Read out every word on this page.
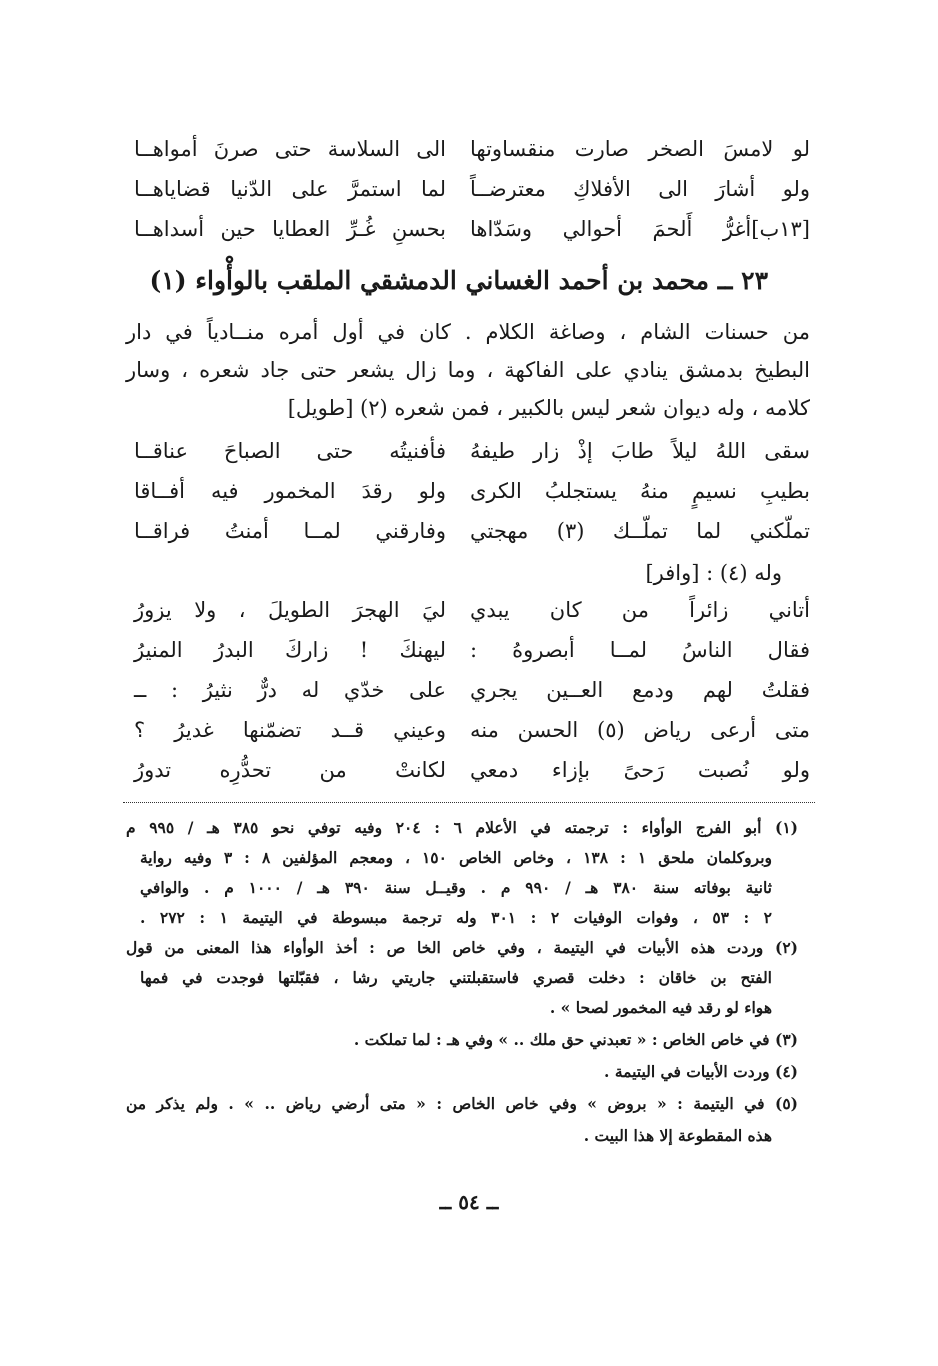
لو لامسَ الصخر صارت منقساوتها
الى السلاسة حتى صرنَ أمواهــا
ولو أشارَ الى الأفلاكِ معترضــاً
لما استمرَّ على الدّنيا قضاياهــا
[١٣ب]أغرُّ أَلحمَ أحوالي وسَدّاها
بحسنِ غُـرِّ العطايا حين أسداهــا
٢٣ ــ محمد بن أحمد الغساني الدمشقي الملقب بالوأْواء (١)
من حسنات الشام ، وصاغة الكلام . كان في أول أمره منــادياً في دار
البطيخ بدمشق ينادي على الفاكهة ، وما زال يشعر حتى جاد شعره ، وسار
كلامه ، وله ديوان شعر ليس بالكبير ، فمن شعره (٢) [طويل]
سقى اللهُ ليلاً طابَ إذْ زار طيفهُ
فأفنيتُه حتى الصباحَ عناقــا
بطيبِ نسيمٍ منهُ يستجلبُ الكرى
ولو رقدَ المخمور فيه أفــاقا
تملّكني لما تملّــك (٣) مهجتي
وفارقني لمــا أمنتُ فراقــا
وله (٤) : [وافر]
أتاني زائراً من كان يبدي
ليَ الهجرَ الطويلَ ، ولا يزورُ
فقال الناسُ لمــا أبصروهُ :
ليهنكَ ! زاركَ البدرُ المنيرُ
فقلتُ لهم ودمع العــين يجري
على خدّي له درٌّ نثيرُ : ــ
متى أرعى رياض (٥) الحسن منه
وعيني قــد تضمّنها غديرُ ؟
ولو نُصبت رَحىً بإزاء دمعي
لكانتْ من تحدُّرِه تدورُ
(١) أبو الفرج الوأواء : ترجمته في الأعلام ٦ : ٢٠٤ وفيه توفي نحو ٣٨٥ هـ / ٩٩٥ م
وبروكلمان ملحق ١ : ١٣٨ ، وخاص الخاص ١٥٠ ، ومعجم المؤلفين ٨ : ٣ وفيه رواية
ثانية بوفاته سنة ٣٨٠ هـ / ٩٩٠ م . وقيــل سنة ٣٩٠ هـ / ١٠٠٠ م . والوافي
٢ : ٥٣ ، وفوات الوفيات ٢ : ٣٠١ وله ترجمة مبسوطة في اليتيمة ١ : ٢٧٢ .
(٢) وردت هذه الأبيات في اليتيمة ، وفي خاص الخا ص : أخذ الوأواء هذا المعنى من قول
الفتح بن خاقان : دخلت قصري فاستقبلتني جاريتي رشا ، فقبّلتها فوجدت في فمها
هواء لو رقد فيه المخمور لصحا » .
(٣) في خاص الخاص : « تعبدني حق ملك .. » وفي هـ : لما تملكت .
(٤) وردت الأبيات في اليتيمة .
(٥) في اليتيمة : « بروض » وفي خاص الخاص : « متى أرضي رياض .. » . ولم يذكر من
هذه المقطوعة إلا هذا البيت .
ــ ٥٤ ــ
